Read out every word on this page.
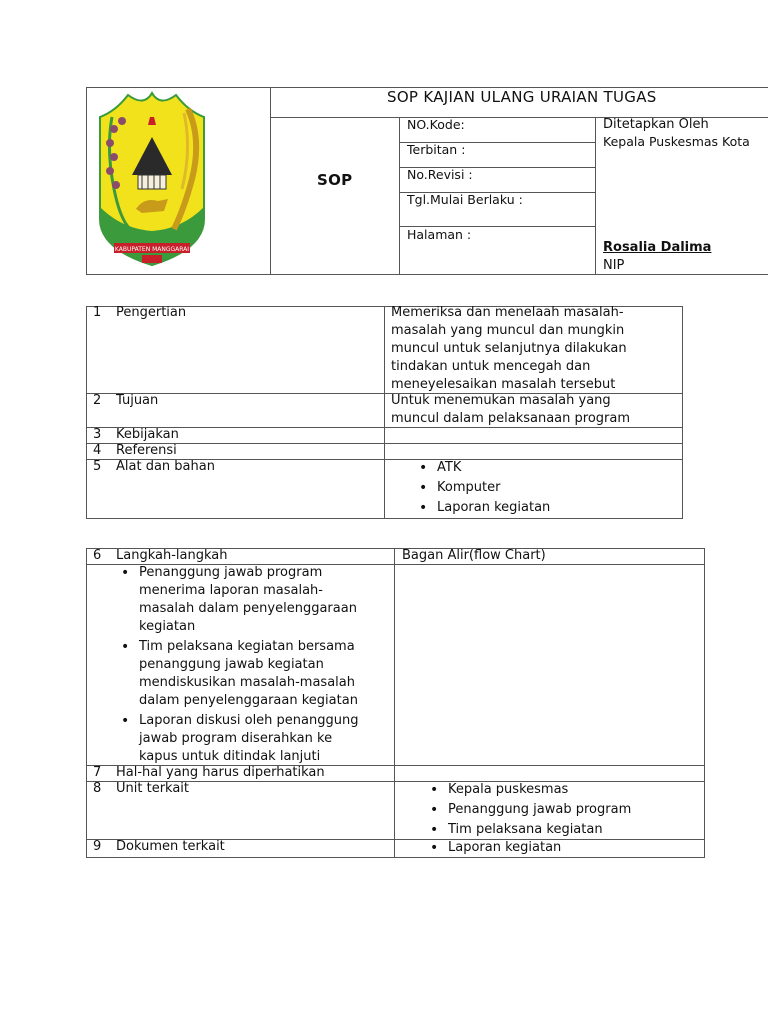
KABUPATEN MANGGARAI
SOP KAJIAN ULANG URAIAN TUGAS
SOP
NO.Kode:
Terbitan :
No.Revisi :
Tgl.Mulai Berlaku :
Halaman :
Ditetapkan Oleh
Kepala Puskesmas Kota
Rosalia Dalima
NIP
1 Pengertian	Memeriksa dan menelaah masalah-
masalah yang muncul dan mungkin
muncul untuk selanjutnya dilakukan
tindakan untuk mencegah dan
meneyelesaikan masalah tersebut
2 Tujuan	Untuk menemukan masalah yang
muncul dalam pelaksanaan program
3 Kebijakan
4 Referensi
5 Alat dan bahan	• ATK
• Komputer
• Laporan kegiatan
6 Langkah-langkah	Bagan Alir(flow Chart)
• Penanggung jawab program
menerima laporan masalah-
masalah dalam penyelenggaraan
kegiatan
• Tim pelaksana kegiatan bersama
penanggung jawab kegiatan
mendiskusikan masalah-masalah
dalam penyelenggaraan kegiatan
• Laporan diskusi oleh penanggung
jawab program diserahkan ke
kapus untuk ditindak lanjuti
7 Hal-hal yang harus diperhatikan
8 Unit terkait	• Kepala puskesmas
• Penanggung jawab program
• Tim pelaksana kegiatan
9 Dokumen terkait	• Laporan kegiatan
